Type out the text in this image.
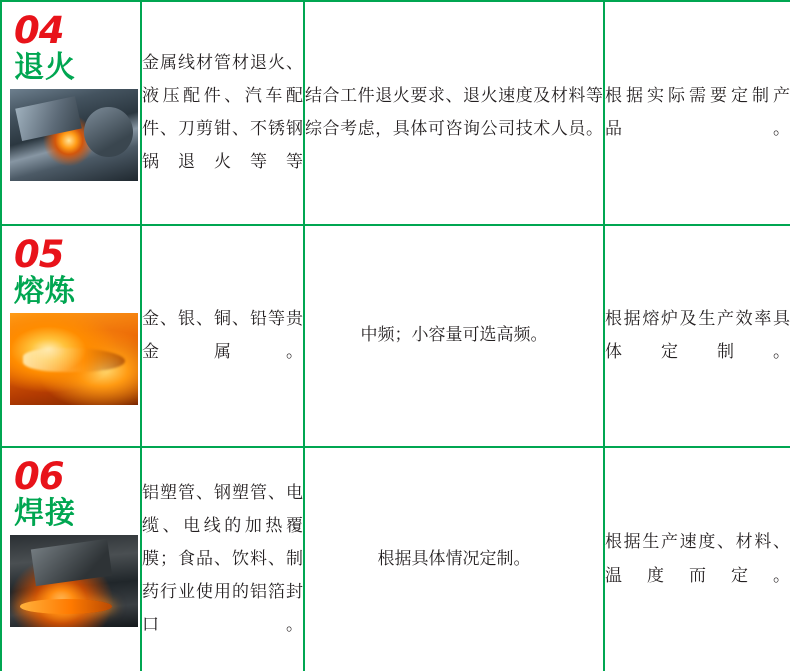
04
退火	金属线材管材退火、液压配件、汽车配件、刀剪钳、不锈钢锅退火等等	结合工件退火要求、退火速度及材料等综合考虑，具体可咨询公司技术人员。	根据实际需要定制产品。

05
熔炼	金、银、铜、铅等贵金属。	中频；小容量可选高频。	根据熔炉及生产效率具体定制。

06
焊接	铝塑管、钢塑管、电缆、电线的加热覆膜；食品、饮料、制药行业使用的铝箔封口。	根据具体情况定制。	根据生产速度、材料、温度而定。
